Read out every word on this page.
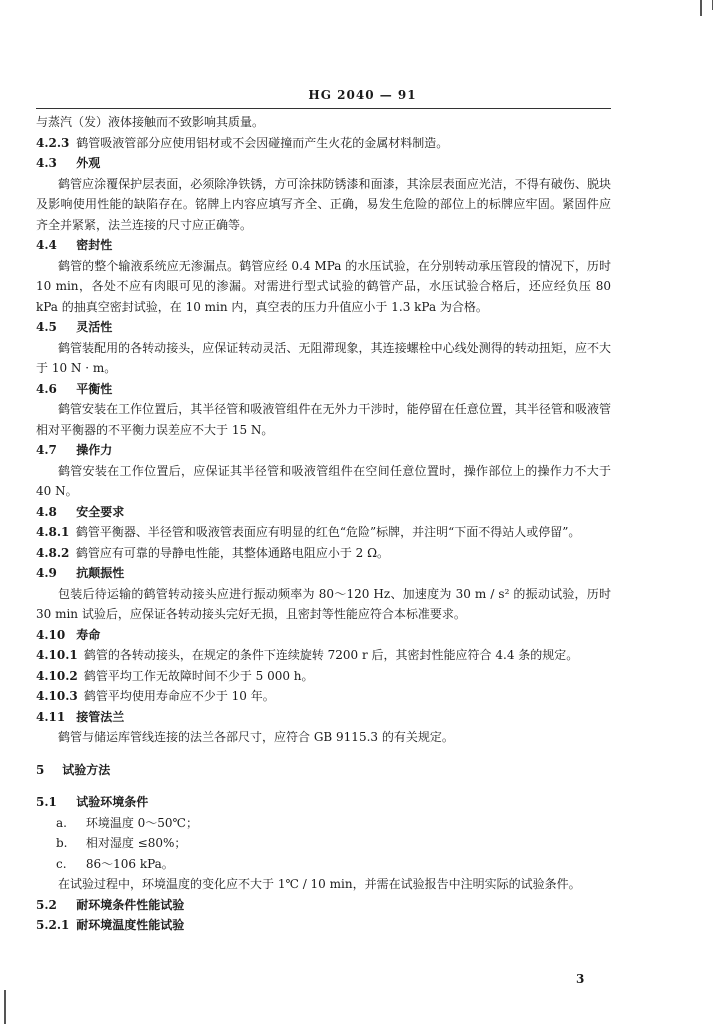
HG 2040 — 91
与蒸汽（发）液体接触而不致影响其质量。
4.2.3 鹤管吸液管部分应使用铝材或不会因碰撞而产生火花的金属材料制造。
4.3 外观
鹤管应涂覆保护层表面，必须除净铁锈，方可涂抹防锈漆和面漆，其涂层表面应光洁，不得有破伤、脱块及影响使用性能的缺陷存在。铭牌上内容应填写齐全、正确，易发生危险的部位上的标牌应牢固。紧固件应齐全并紧紧，法兰连接的尺寸应正确等。
4.4 密封性
鹤管的整个输液系统应无渗漏点。鹤管应经 0.4 MPa 的水压试验，在分别转动承压管段的情况下，历时 10 min，各处不应有肉眼可见的渗漏。对需进行型式试验的鹤管产品，水压试验合格后，还应经负压 80 kPa 的抽真空密封试验，在 10 min 内，真空表的压力升值应小于 1.3 kPa 为合格。
4.5 灵活性
鹤管装配用的各转动接头，应保证转动灵活、无阻滞现象，其连接螺栓中心线处测得的转动扭矩，应不大于 10 N · m。
4.6 平衡性
鹤管安装在工作位置后，其半径管和吸液管组件在无外力干涉时，能停留在任意位置，其半径管和吸液管相对平衡器的不平衡力误差应不大于 15 N。
4.7 操作力
鹤管安装在工作位置后，应保证其半径管和吸液管组件在空间任意位置时，操作部位上的操作力不大于 40 N。
4.8 安全要求
4.8.1 鹤管平衡器、半径管和吸液管表面应有明显的红色“危险”标牌，并注明“下面不得站人或停留”。
4.8.2 鹤管应有可靠的导静电性能，其整体通路电阻应小于 2 Ω。
4.9 抗颠振性
包装后待运输的鹤管转动接头应进行振动频率为 80～120 Hz、加速度为 30 m / s² 的振动试验，历时 30 min 试验后，应保证各转动接头完好无损，且密封等性能应符合本标准要求。
4.10 寿命
4.10.1 鹤管的各转动接头，在规定的条件下连续旋转 7200 r 后，其密封性能应符合 4.4 条的规定。
4.10.2 鹤管平均工作无故障时间不少于 5 000 h。
4.10.3 鹤管平均使用寿命应不少于 10 年。
4.11 接管法兰
鹤管与储运库管线连接的法兰各部尺寸，应符合 GB 9115.3 的有关规定。
5 试验方法
5.1 试验环境条件
a. 环境温度 0～50℃；
b. 相对湿度 ≤80%；
c. 86～106 kPa。
在试验过程中，环境温度的变化应不大于 1℃ / 10 min，并需在试验报告中注明实际的试验条件。
5.2 耐环境条件性能试验
5.2.1 耐环境温度性能试验
3
